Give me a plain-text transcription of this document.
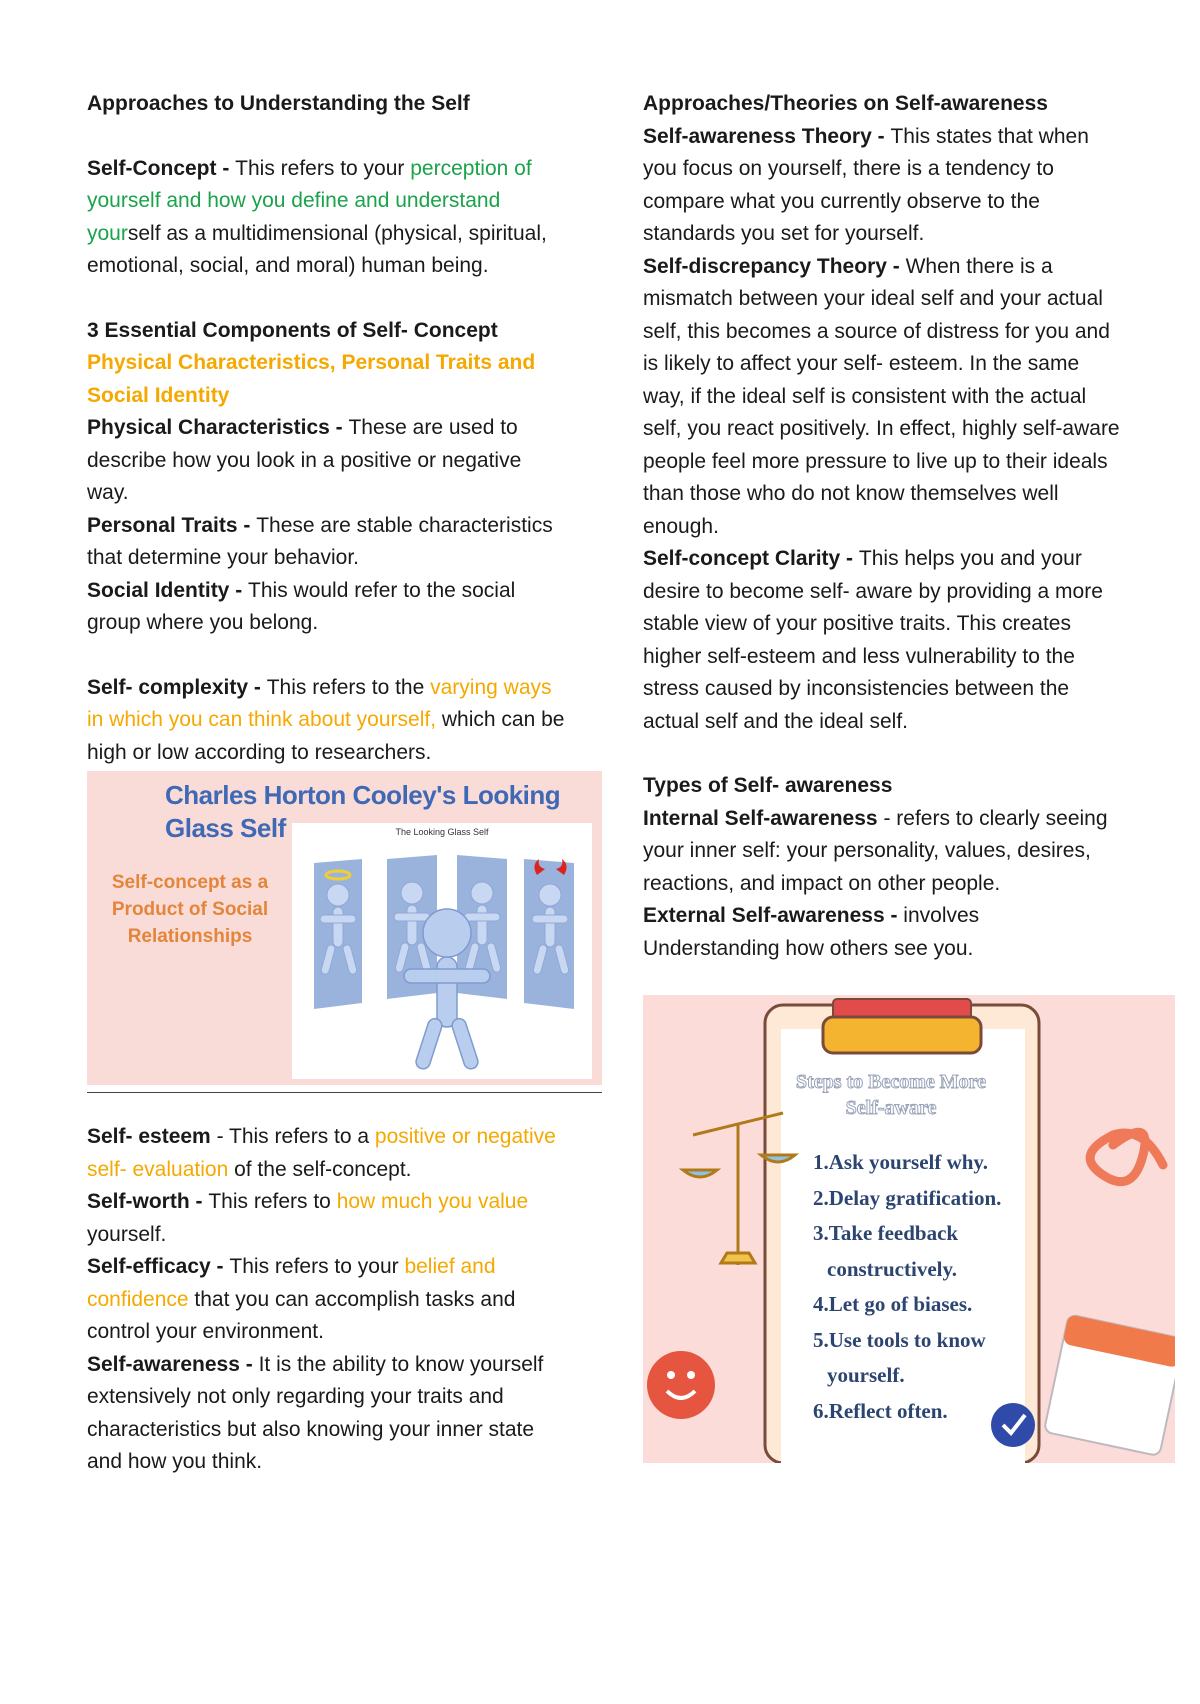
Approaches to Understanding the Self

Self-Concept - This refers to your perception of yourself and how you define and understand yourself as a multidimensional (physical, spiritual, emotional, social, and moral) human being.

3 Essential Components of Self- Concept

Physical Characteristics, Personal Traits and Social Identity

Physical Characteristics - These are used to describe how you look in a positive or negative way.

Personal Traits - These are stable characteristics that determine your behavior.

Social Identity - This would refer to the social group where you belong.

Self- complexity - This refers to the varying ways in which you can think about yourself, which can be high or low according to researchers.

Charles Horton Cooley's Looking Glass Self
Self-concept as a Product of Social Relationships
The Looking Glass Self

Self- esteem - This refers to a positive or negative self- evaluation of the self-concept.

Self-worth - This refers to how much you value yourself.

Self-efficacy - This refers to your belief and confidence that you can accomplish tasks and control your environment.

Self-awareness - It is the ability to know yourself extensively not only regarding your traits and characteristics but also knowing your inner state and how you think.

Approaches/Theories on Self-awareness

Self-awareness Theory - This states that when you focus on yourself, there is a tendency to compare what you currently observe to the standards you set for yourself.

Self-discrepancy Theory - When there is a mismatch between your ideal self and your actual self, this becomes a source of distress for you and is likely to affect your self- esteem. In the same way, if the ideal self is consistent with the actual self, you react positively. In effect, highly self-aware people feel more pressure to live up to their ideals than those who do not know themselves well enough.

Self-concept Clarity - This helps you and your desire to become self- aware by providing a more stable view of your positive traits. This creates higher self-esteem and less vulnerability to the stress caused by inconsistencies between the actual self and the ideal self.

Types of Self- awareness

Internal Self-awareness - refers to clearly seeing your inner self: your personality, values, desires, reactions, and impact on other people.

External Self-awareness - involves Understanding how others see you.

Steps to Become More Self-aware
1.Ask yourself why.
2.Delay gratification.
3.Take feedback
constructively.
4.Let go of biases.
5.Use tools to know
yourself.
6.Reflect often.
